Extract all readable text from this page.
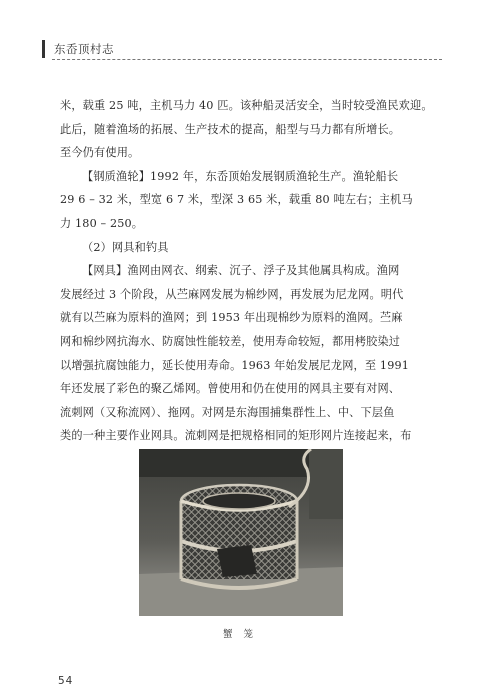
东岙顶村志

米，载重 25 吨，主机马力 40 匹。该种船灵活安全，当时较受渔民欢迎。

此后，随着渔场的拓展、生产技术的提高，船型与马力都有所增长。

至今仍有使用。

【钢质渔轮】1992 年，东岙顶始发展钢质渔轮生产。渔轮船长

29 6 – 32 米，型宽 6 7 米，型深 3 65 米，载重 80 吨左右；主机马

力 180 – 250。

（2）网具和钓具

【网具】渔网由网衣、纲索、沉子、浮子及其他属具构成。渔网

发展经过 3 个阶段，从苎麻网发展为棉纱网，再发展为尼龙网。明代

就有以苎麻为原料的渔网；到 1953 年出现棉纱为原料的渔网。苎麻

网和棉纱网抗海水、防腐蚀性能较差，使用寿命较短，都用栲胶染过

以增强抗腐蚀能力，延长使用寿命。1963 年始发展尼龙网，至 1991

年还发展了彩色的聚乙烯网。曾使用和仍在使用的网具主要有对网、

流刺网（又称流网）、拖网。对网是东海围捕集群性上、中、下层鱼

类的一种主要作业网具。流刺网是把规格相同的矩形网片连接起来，布

蟹 笼
54
